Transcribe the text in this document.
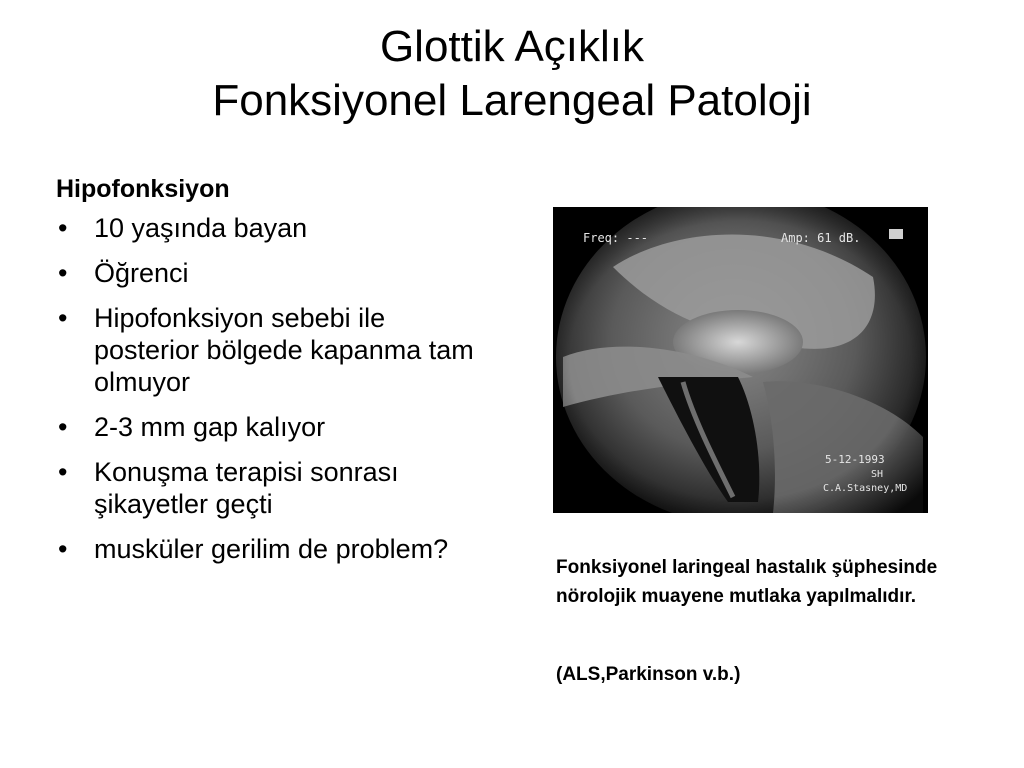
Glottik Açıklık
Fonksiyonel Larengeal Patoloji
Hipofonksiyon
• 10 yaşında bayan
• Öğrenci
• Hipofonksiyon sebebi ile posterior bölgede kapanma tam olmuyor
• 2-3 mm gap kalıyor
• Konuşma terapisi sonrası şikayetler geçti
• musküler gerilim de problem?
Freq: ---	Amp: 61 dB.
5-12-1993
SH
C.A.Stasney,MD
Fonksiyonel laringeal hastalık şüphesinde nörolojik muayene mutlaka yapılmalıdır.
(ALS,Parkinson v.b.)
